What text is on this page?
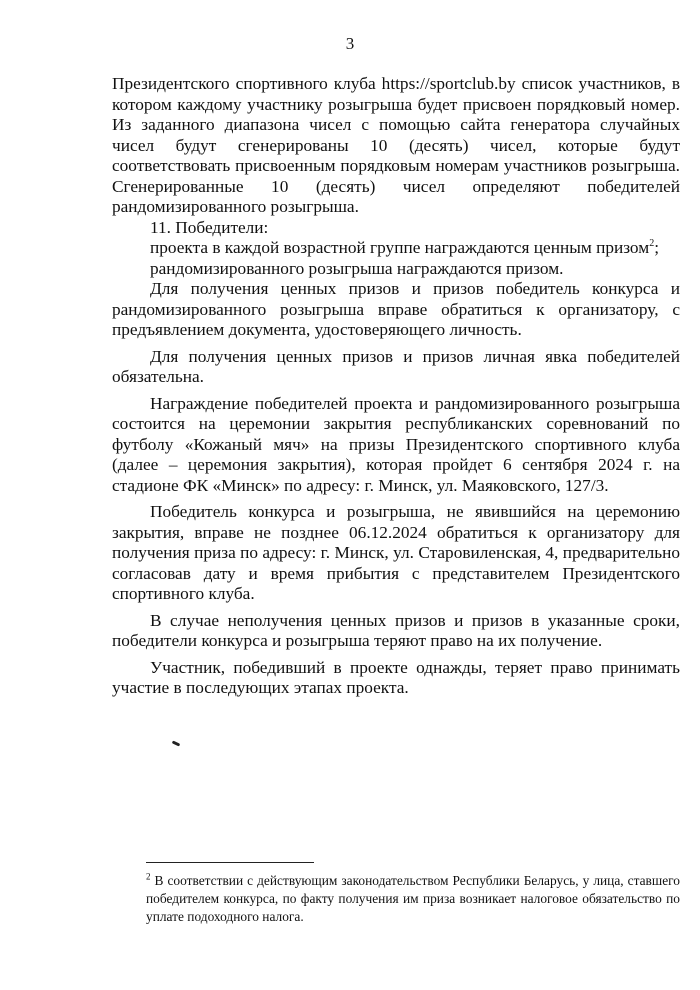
3

Президентского спортивного клуба https://sportclub.by список участников, в котором каждому участнику розыгрыша будет присвоен порядковый номер. Из заданного диапазона чисел с помощью сайта генератора случайных чисел будут сгенерированы 10 (десять) чисел, которые будут соответствовать присвоенным порядковым номерам участников розыгрыша. Сгенерированные 10 (десять) чисел определяют победителей рандомизированного розыгрыша.

11. Победители:

проекта в каждой возрастной группе награждаются ценным призом$^2$;

рандомизированного розыгрыша награждаются призом.

Для получения ценных призов и призов победитель конкурса и рандомизированного розыгрыша вправе обратиться к организатору, с предъявлением документа, удостоверяющего личность.

Для получения ценных призов и призов личная явка победителей обязательна.

Награждение победителей проекта и рандомизированного розыгрыша состоится на церемонии закрытия республиканских соревнований по футболу «Кожаный мяч» на призы Президентского спортивного клуба (далее – церемония закрытия), которая пройдет 6 сентября 2024 г. на стадионе ФК «Минск» по адресу: г. Минск, ул. Маяковского, 127/3.

Победитель конкурса и розыгрыша, не явившийся на церемонию закрытия, вправе не позднее 06.12.2024 обратиться к организатору для получения приза по адресу: г. Минск, ул. Старовиленская, 4, предварительно согласовав дату и время прибытия с представителем Президентского спортивного клуба.

В случае неполучения ценных призов и призов в указанные сроки, победители конкурса и розыгрыша теряют право на их получение.

Участник, победивший в проекте однажды, теряет право принимать участие в последующих этапах проекта.

$^2$ В соответствии с действующим законодательством Республики Беларусь, у лица, ставшего победителем конкурса, по факту получения им приза возникает налоговое обязательство по уплате подоходного налога.
